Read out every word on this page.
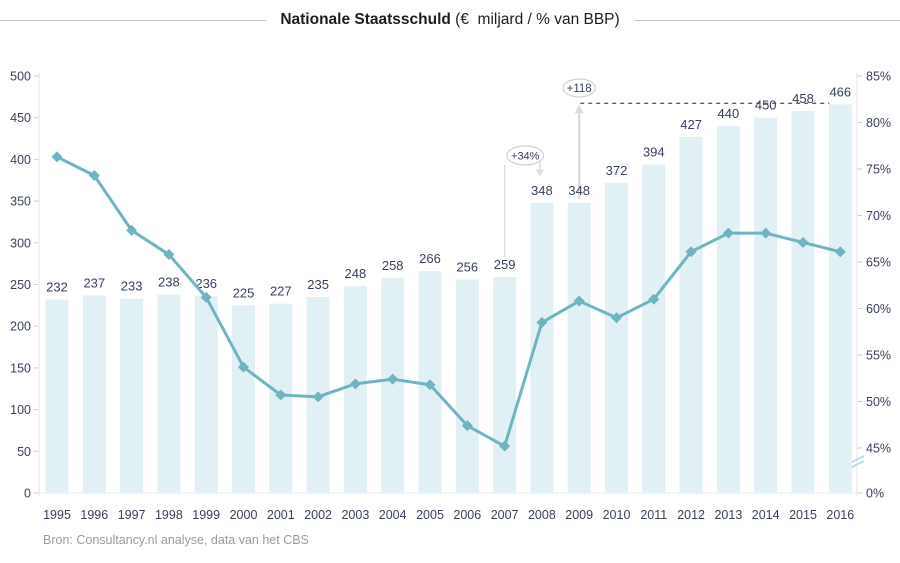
Nationale Staatsschuld (€  miljard / % van BBP)
0
50
100
150
200
250
300
350
400
450
500	85%
80%
75%
70%
65%
60%
55%
50%
45%
0%
+118
+34%
232 237 233 238 236
225 227 235
248
258 266
256 259
348 348
372
394
427
440
450 458 466
1995 1996 1997 1998 1999 2000 2001 2002 2003 2004 2005 2006 2007 2008 2009 2010 2011 2012 2013 2014 2015 2016
Bron: Consultancy.nl analyse, data van het CBS
